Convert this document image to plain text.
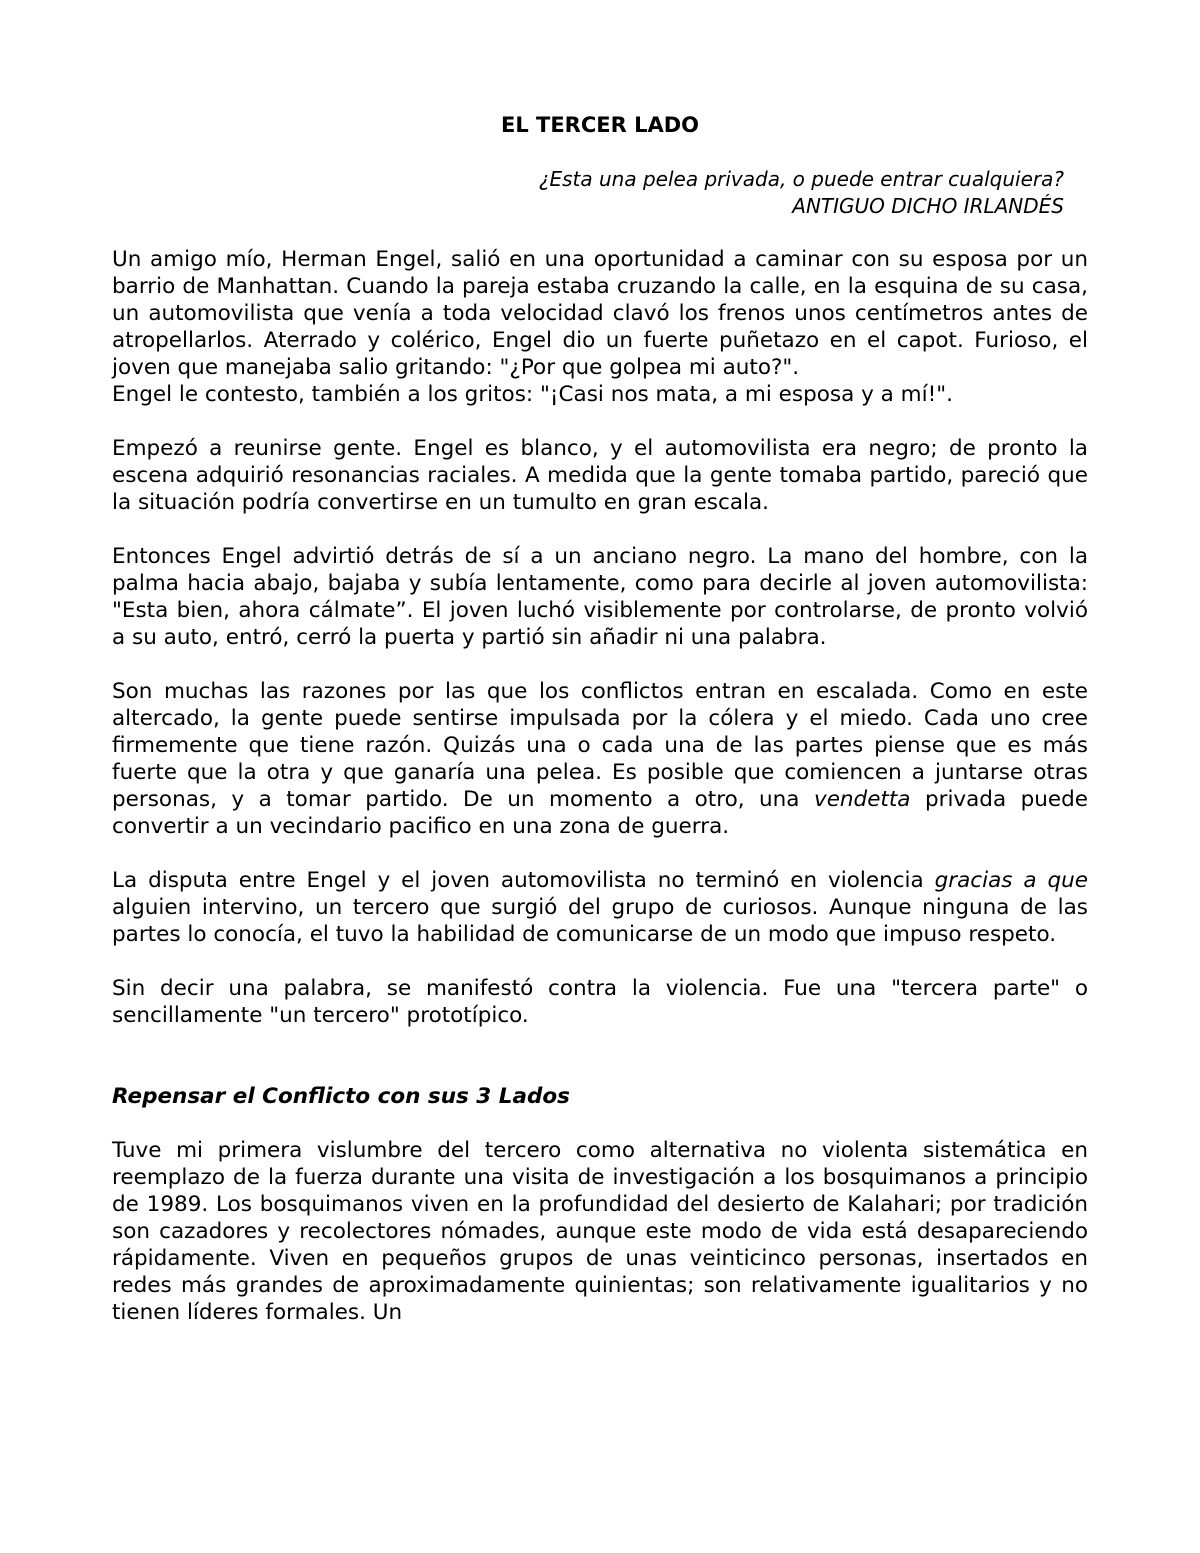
EL TERCER LADO
¿Esta una pelea privada, o puede entrar cualquiera?
ANTIGUO DICHO IRLANDÉS

Un amigo mío, Herman Engel, salió en una oportunidad a caminar con su esposa por un barrio de Manhattan. Cuando la pareja estaba cruzando la calle, en la esquina de su casa, un automovilista que venía a toda velocidad clavó los frenos unos centímetros antes de atropellarlos. Aterrado y colérico, Engel dio un fuerte puñetazo en el capot. Furioso, el joven que manejaba salio gritando: "¿Por que golpea mi auto?".

Engel le contesto, también a los gritos: "¡Casi nos mata, a mi esposa y a mí!".

Empezó a reunirse gente. Engel es blanco, y el automovilista era negro; de pronto la escena adquirió resonancias raciales. A medida que la gente tomaba partido, pareció que la situación podría convertirse en un tumulto en gran escala.

Entonces Engel advirtió detrás de sí a un anciano negro. La mano del hombre, con la palma hacia abajo, bajaba y subía lentamente, como para decirle al joven automovilista: "Esta bien, ahora cálmate”. El joven luchó visiblemente por controlarse, de pronto volvió a su auto, entró, cerró la puerta y partió sin añadir ni una palabra.

Son muchas las razones por las que los conflictos entran en escalada. Como en este altercado, la gente puede sentirse impulsada por la cólera y el miedo. Cada uno cree firmemente que tiene razón. Quizás una o cada una de las partes piense que es más fuerte que la otra y que ganaría una pelea. Es posible que comiencen a juntarse otras personas, y a tomar partido. De un momento a otro, una vendetta privada puede convertir a un vecindario pacifico en una zona de guerra.

La disputa entre Engel y el joven automovilista no terminó en violencia gracias a que alguien intervino, un tercero que surgió del grupo de curiosos. Aunque ninguna de las partes lo conocía, el tuvo la habilidad de comunicarse de un modo que impuso respeto.

Sin decir una palabra, se manifestó contra la violencia. Fue una "tercera parte" o sencillamente "un tercero" prototípico.

Repensar el Conflicto con sus 3 Lados

Tuve mi primera vislumbre del tercero como alternativa no violenta sistemática en reemplazo de la fuerza durante una visita de investigación a los bosquimanos a principio de 1989. Los bosquimanos viven en la profundidad del desierto de Kalahari; por tradición son cazadores y recolectores nómades, aunque este modo de vida está desapareciendo rápidamente. Viven en pequeños grupos de unas veinticinco personas, insertados en redes más grandes de aproximadamente quinientas; son relativamente igualitarios y no tienen líderes formales. Un
